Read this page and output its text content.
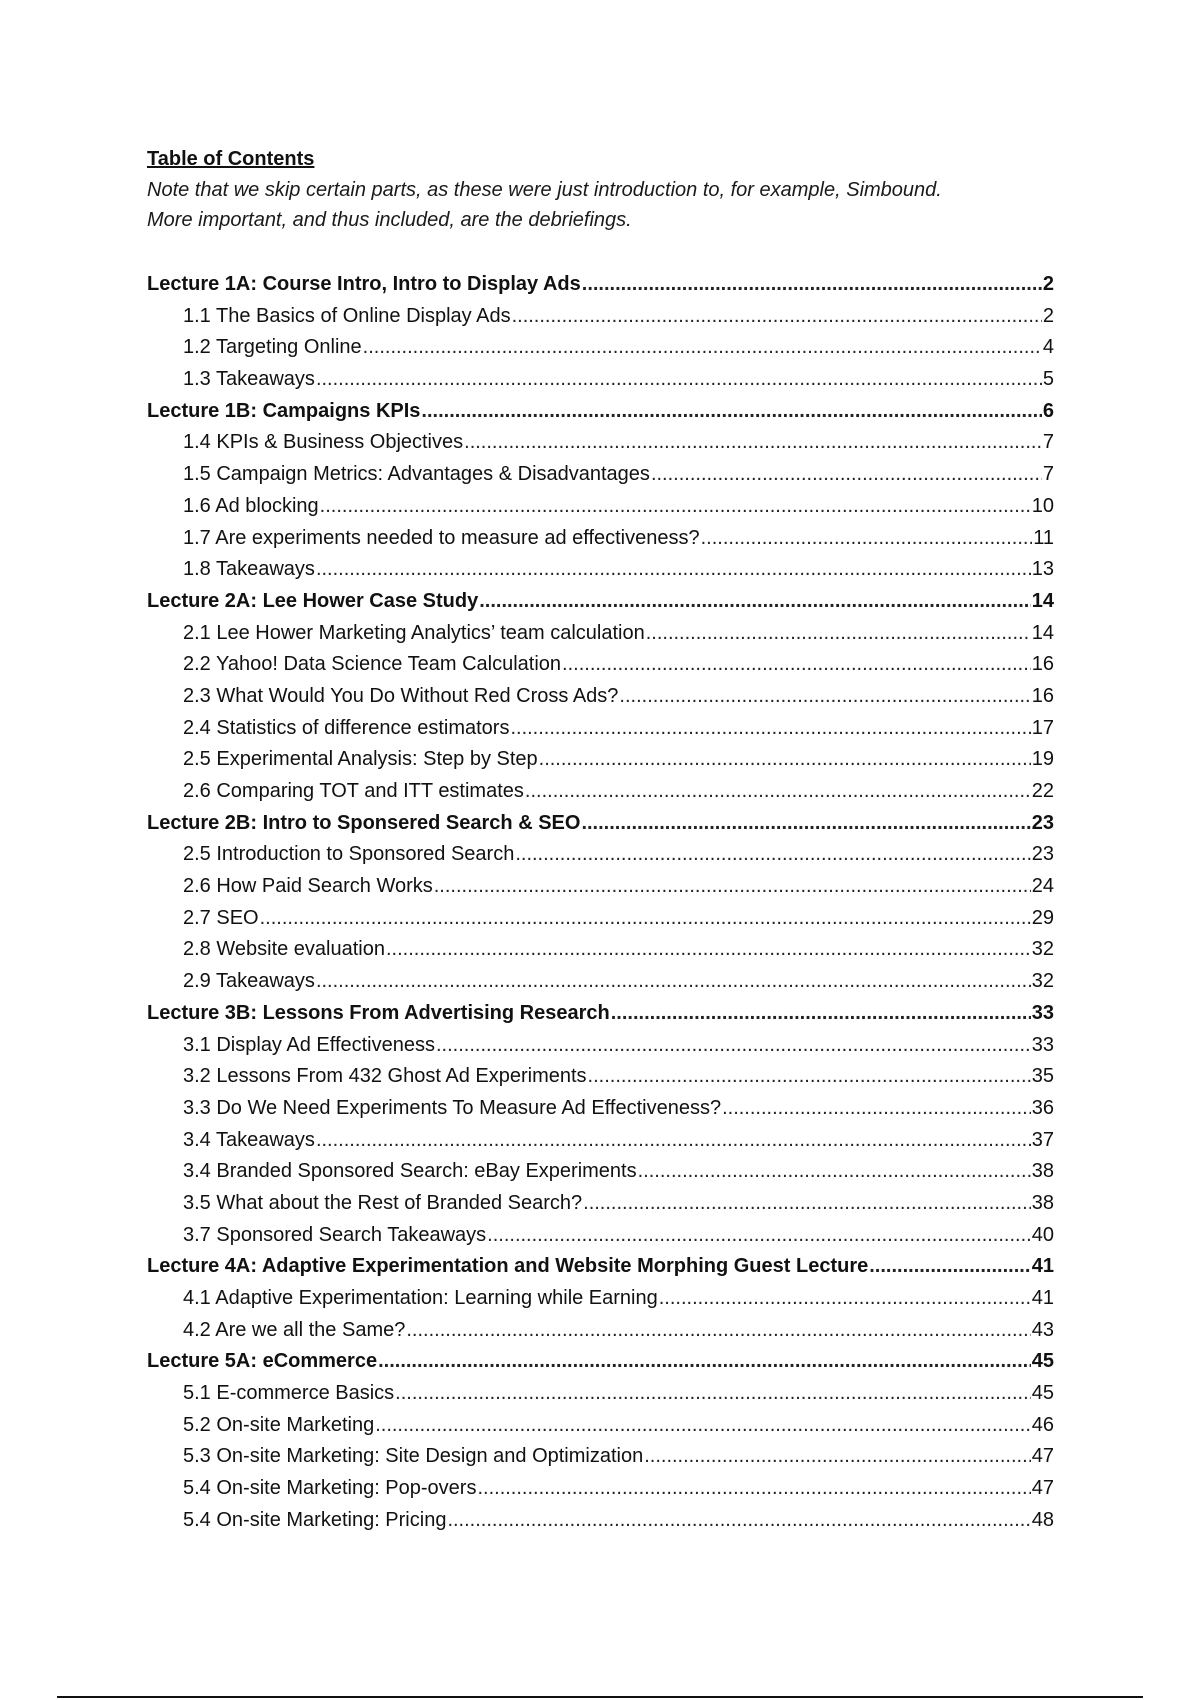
Table of Contents
Note that we skip certain parts, as these were just introduction to, for example, Simbound.
More important, and thus included, are the debriefings.
Lecture 1A: Course Intro, Intro to Display Ads .....	2
1.1 The Basics of Online Display Ads .....	2
1.2 Targeting Online .....	4
1.3 Takeaways .....	5
Lecture 1B: Campaigns KPIs .....	6
1.4 KPIs & Business Objectives .....	7
1.5 Campaign Metrics: Advantages & Disadvantages .....	7
1.6 Ad blocking .....	10
1.7 Are experiments needed to measure ad effectiveness? .....	11
1.8 Takeaways .....	13
Lecture 2A: Lee Hower Case Study .....	14
2.1 Lee Hower Marketing Analytics’ team calculation .....	14
2.2 Yahoo! Data Science Team Calculation .....	16
2.3 What Would You Do Without Red Cross Ads? .....	16
2.4 Statistics of difference estimators .....	17
2.5 Experimental Analysis: Step by Step .....	19
2.6 Comparing TOT and ITT estimates .....	22
Lecture 2B: Intro to Sponsered Search & SEO .....	23
2.5 Introduction to Sponsored Search .....	23
2.6 How Paid Search Works .....	24
2.7 SEO .....	29
2.8 Website evaluation .....	32
2.9 Takeaways .....	32
Lecture 3B: Lessons From Advertising Research .....	33
3.1 Display Ad Effectiveness .....	33
3.2 Lessons From 432 Ghost Ad Experiments .....	35
3.3 Do We Need Experiments To Measure Ad Effectiveness? .....	36
3.4 Takeaways .....	37
3.4 Branded Sponsored Search: eBay Experiments .....	38
3.5 What about the Rest of Branded Search? .....	38
3.7 Sponsored Search Takeaways .....	40
Lecture 4A: Adaptive Experimentation and Website Morphing Guest Lecture .....	41
4.1 Adaptive Experimentation: Learning while Earning .....	41
4.2 Are we all the Same? .....	43
Lecture 5A: eCommerce .....	45
5.1 E-commerce Basics .....	45
5.2 On-site Marketing .....	46
5.3 On-site Marketing: Site Design and Optimization .....	47
5.4 On-site Marketing: Pop-overs .....	47
5.4 On-site Marketing: Pricing .....	48
